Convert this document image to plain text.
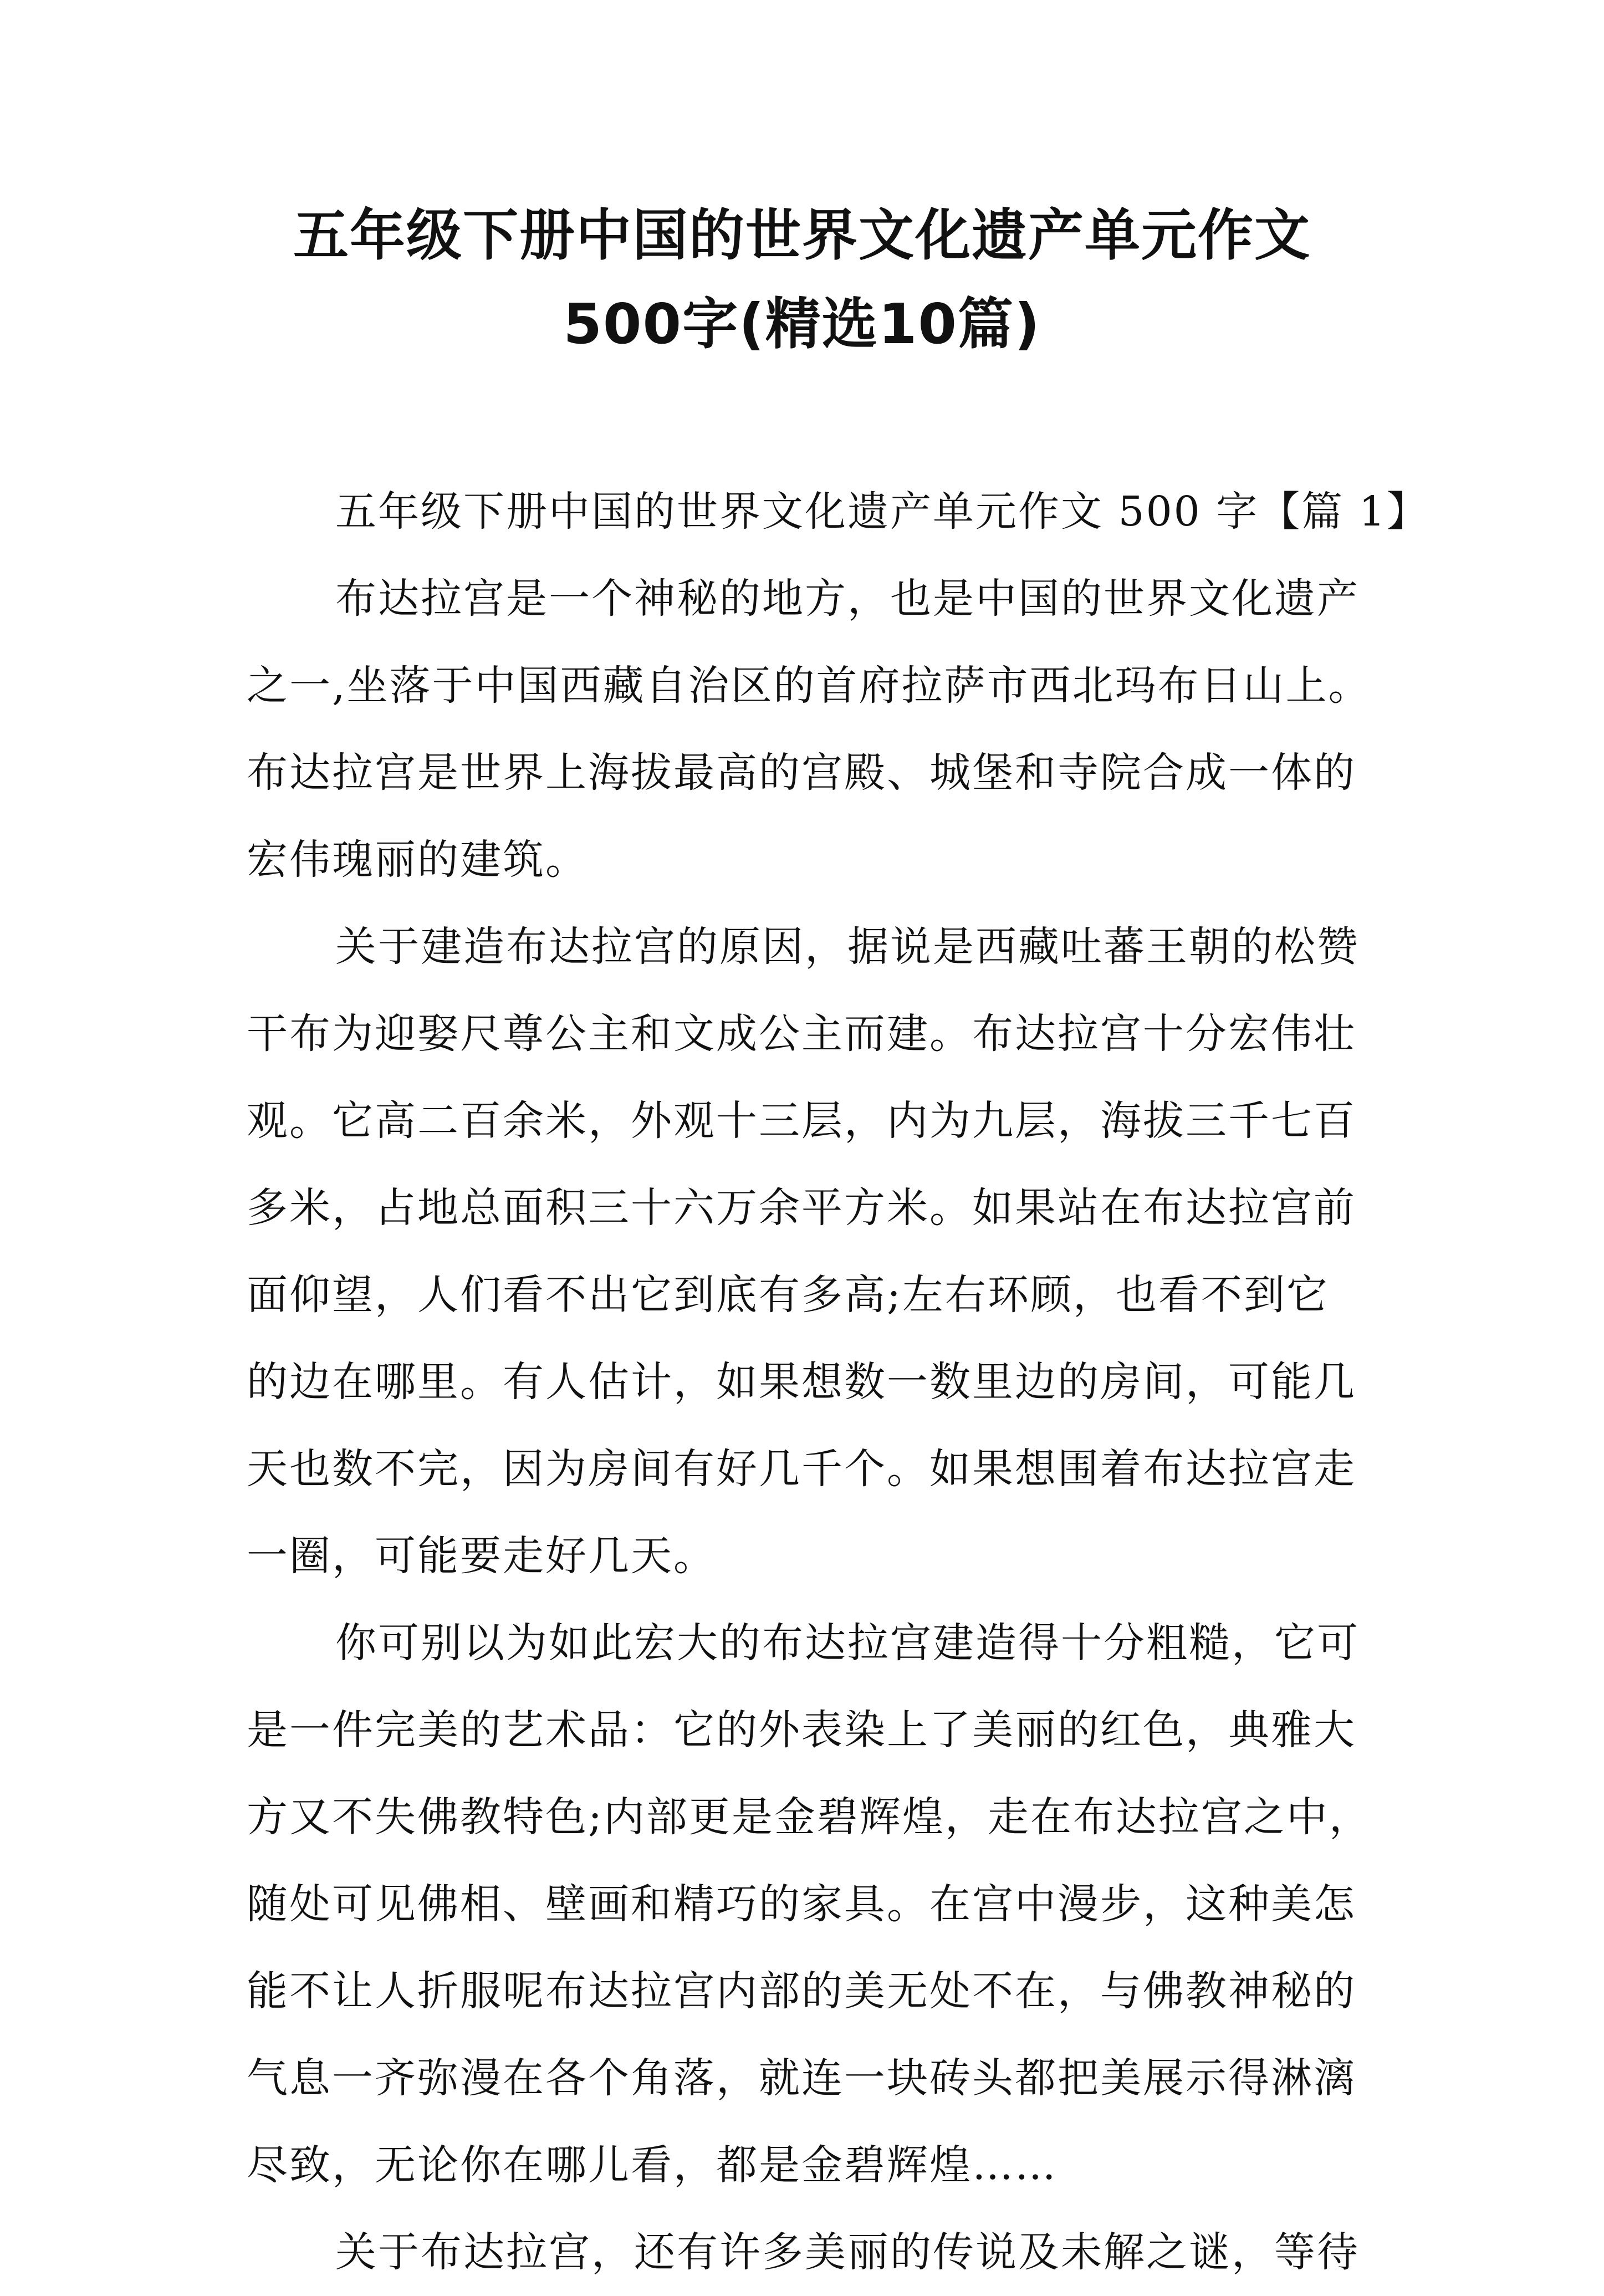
五年级下册中国的世界文化遗产单元作文
500字(精选10篇)

五年级下册中国的世界文化遗产单元作文 500 字【篇 1】

布达拉宫是一个神秘的地方，也是中国的世界文化遗产

之一,坐落于中国西藏自治区的首府拉萨市西北玛布日山上。

布达拉宫是世界上海拔最高的宫殿、城堡和寺院合成一体的

宏伟瑰丽的建筑。

关于建造布达拉宫的原因，据说是西藏吐蕃王朝的松赞

干布为迎娶尺尊公主和文成公主而建。布达拉宫十分宏伟壮

观。它高二百余米，外观十三层，内为九层，海拔三千七百

多米，占地总面积三十六万余平方米。如果站在布达拉宫前

面仰望，人们看不出它到底有多高;左右环顾，也看不到它

的边在哪里。有人估计，如果想数一数里边的房间，可能几

天也数不完，因为房间有好几千个。如果想围着布达拉宫走

一圈，可能要走好几天。

你可别以为如此宏大的布达拉宫建造得十分粗糙，它可

是一件完美的艺术品：它的外表染上了美丽的红色，典雅大

方又不失佛教特色;内部更是金碧辉煌，走在布达拉宫之中，

随处可见佛相、壁画和精巧的家具。在宫中漫步，这种美怎

能不让人折服呢布达拉宫内部的美无处不在，与佛教神秘的

气息一齐弥漫在各个角落，就连一块砖头都把美展示得淋漓

尽致，无论你在哪儿看，都是金碧辉煌……

关于布达拉宫，还有许多美丽的传说及未解之谜，等待
